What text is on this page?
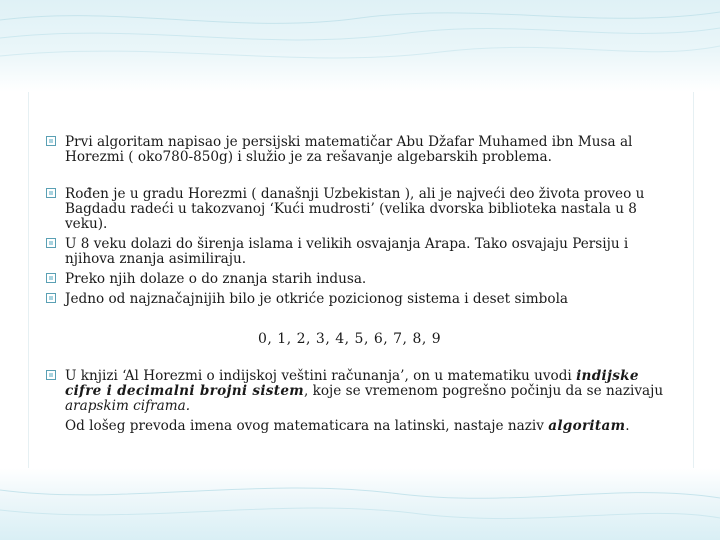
Prvi algoritam napisao je persijski matematičar Abu Džafar Muhamed ibn Musa al Horezmi ( oko780-850g) i služio je za rešavanje algebarskih problema.
Rođen je u gradu Horezmi ( današnji Uzbekistan ), ali je najveći deo života proveo u Bagdadu radeći u takozvanoj ‘Kući mudrosti’ (velika dvorska biblioteka nastala u 8 veku).
U 8 veku dolazi do širenja islama i velikih osvajanja Arapa. Tako osvajaju Persiju i njihova znanja asimiliraju.
Preko njih dolaze o do znanja starih indusa.
Jedno od najznačajnijih bilo je otkriće pozicionog sistema i deset simbola
0, 1, 2, 3, 4, 5, 6, 7, 8, 9
U knjizi ‘Al Horezmi o indijskoj veštini računanja’, on u matematiku uvodi indijske cifre i decimalni brojni sistem, koje se vremenom pogrešno počinju da se nazivaju arapskim ciframa.
Od lošeg prevoda imena ovog matematicara na latinski, nastaje naziv algoritam.
